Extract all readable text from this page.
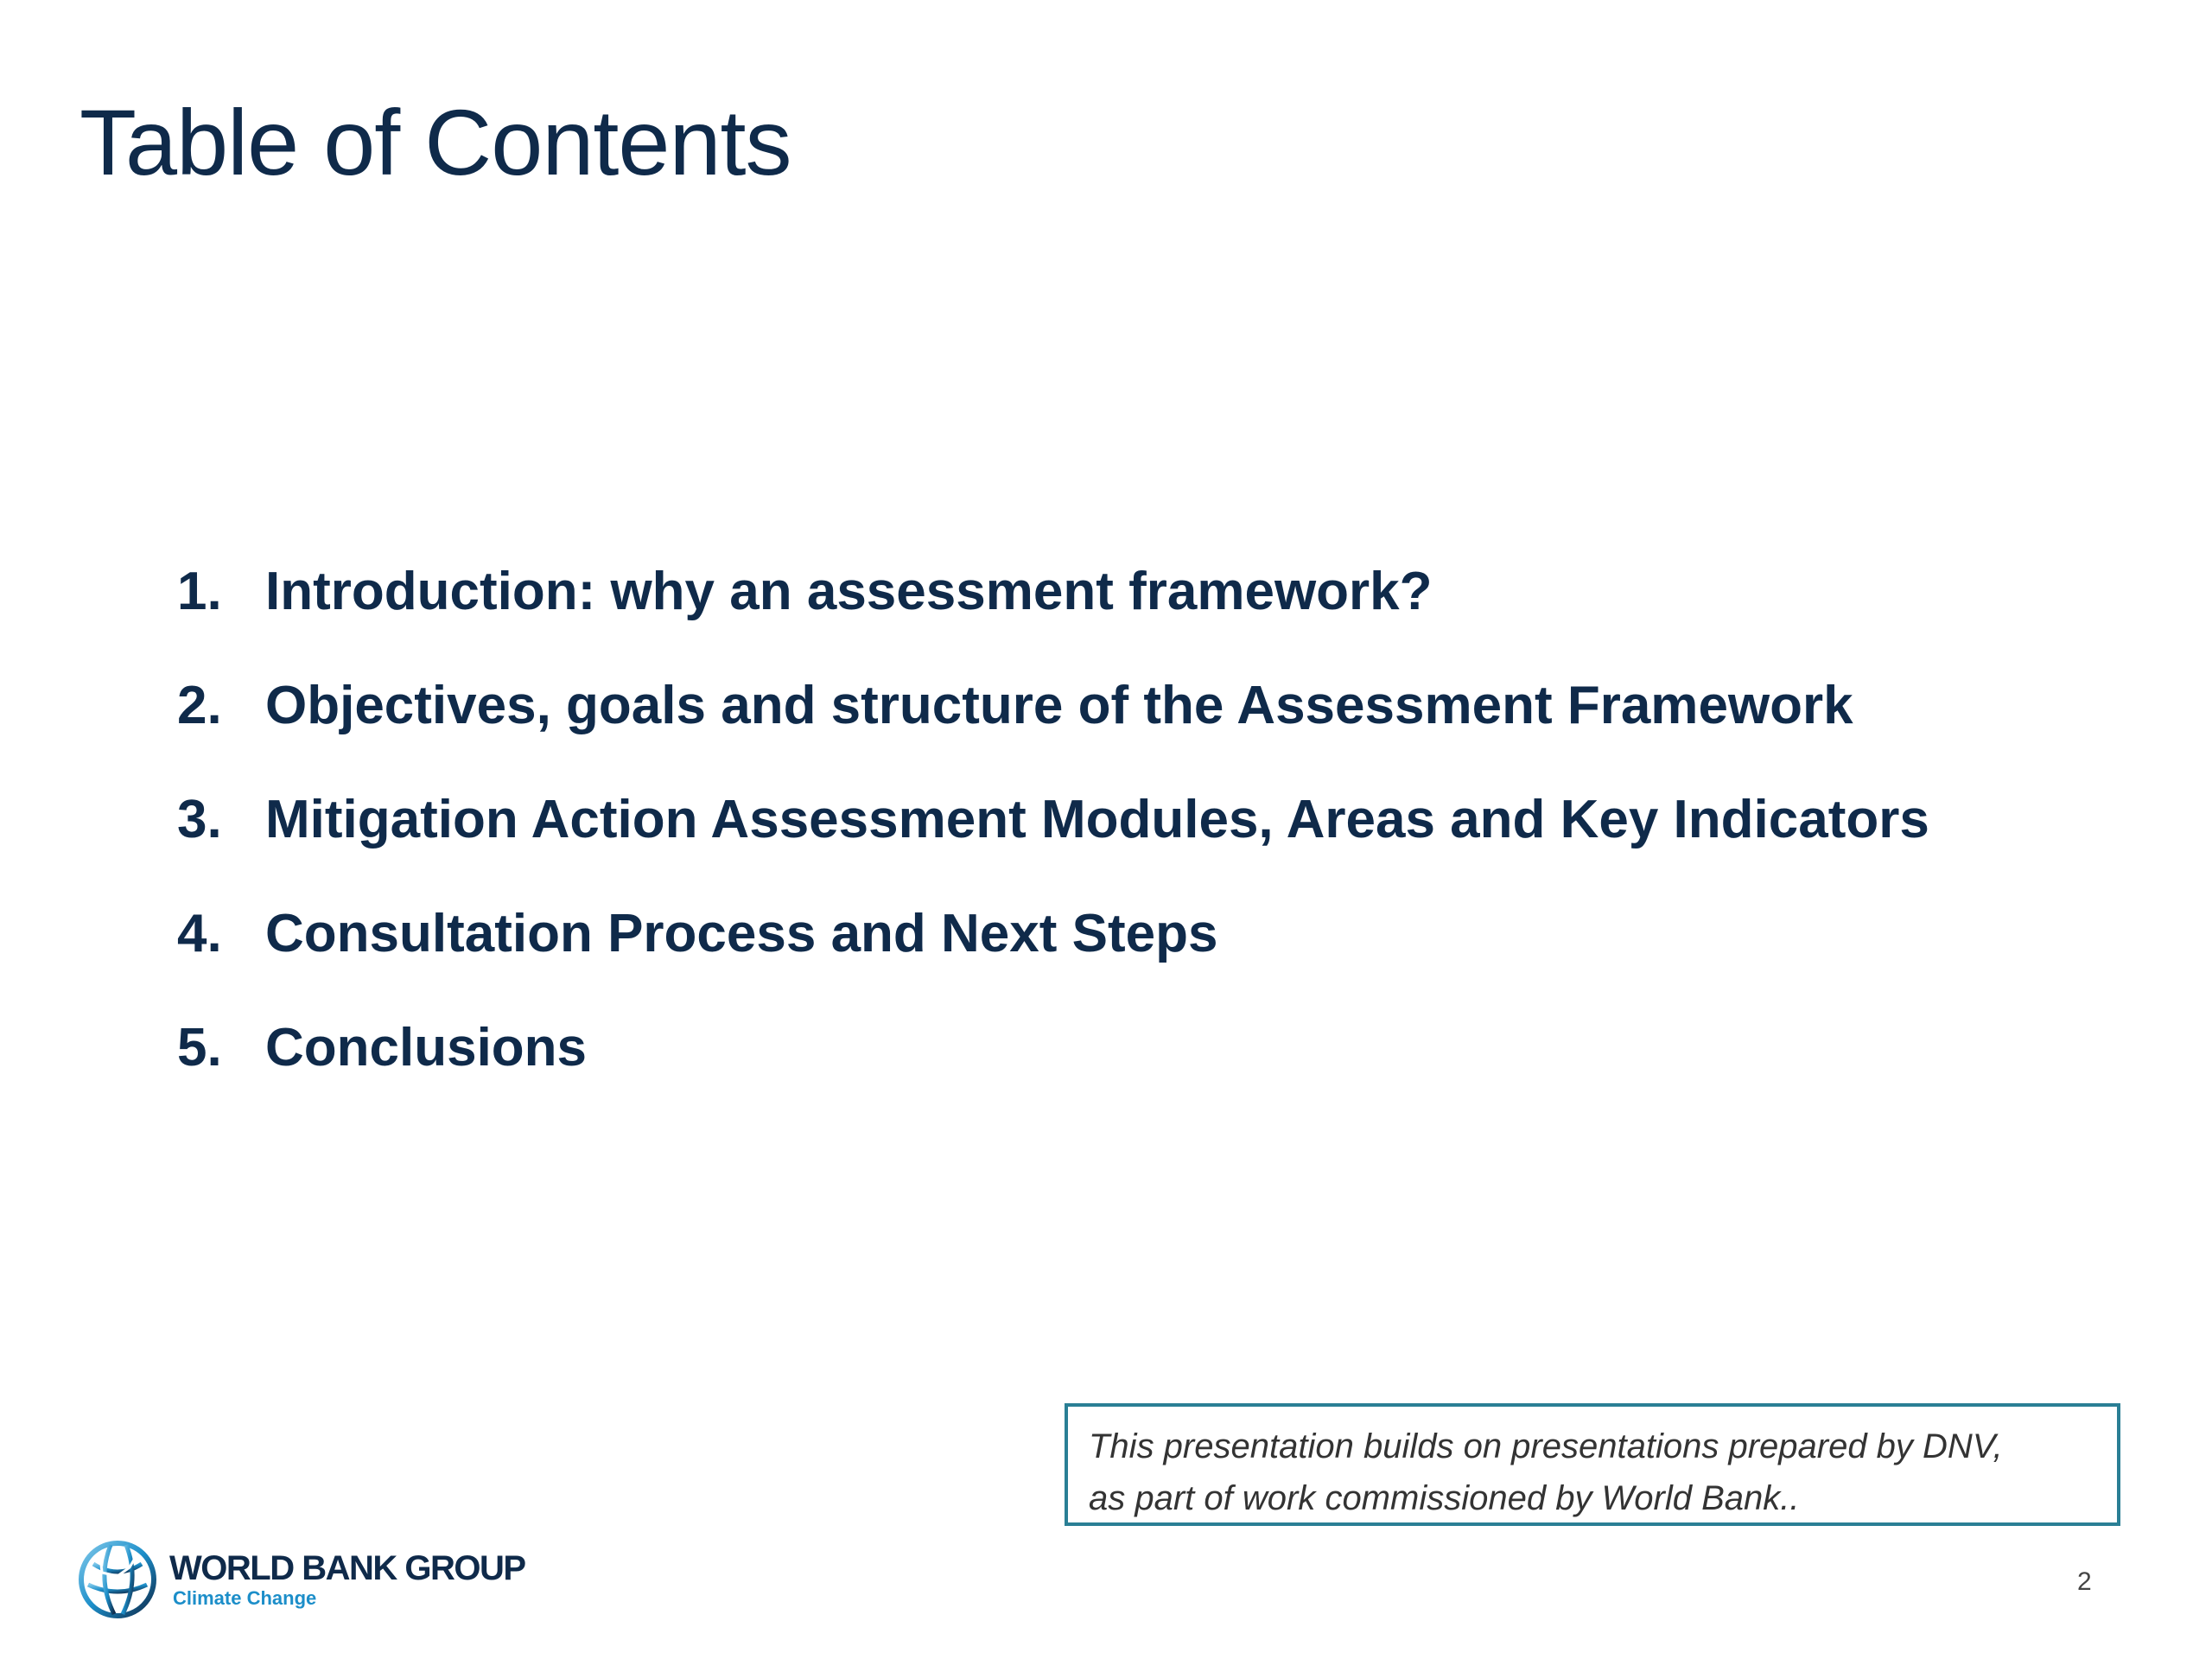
Table of Contents
1. Introduction: why an assessment framework?
2. Objectives, goals and structure of the Assessment Framework
3. Mitigation Action Assessment Modules, Areas and Key Indicators
4. Consultation Process and Next Steps
5. Conclusions
This presentation builds on presentations prepared by DNV,
as part of work commissioned by World Bank..
WORLD BANK GROUP
Climate Change
2
